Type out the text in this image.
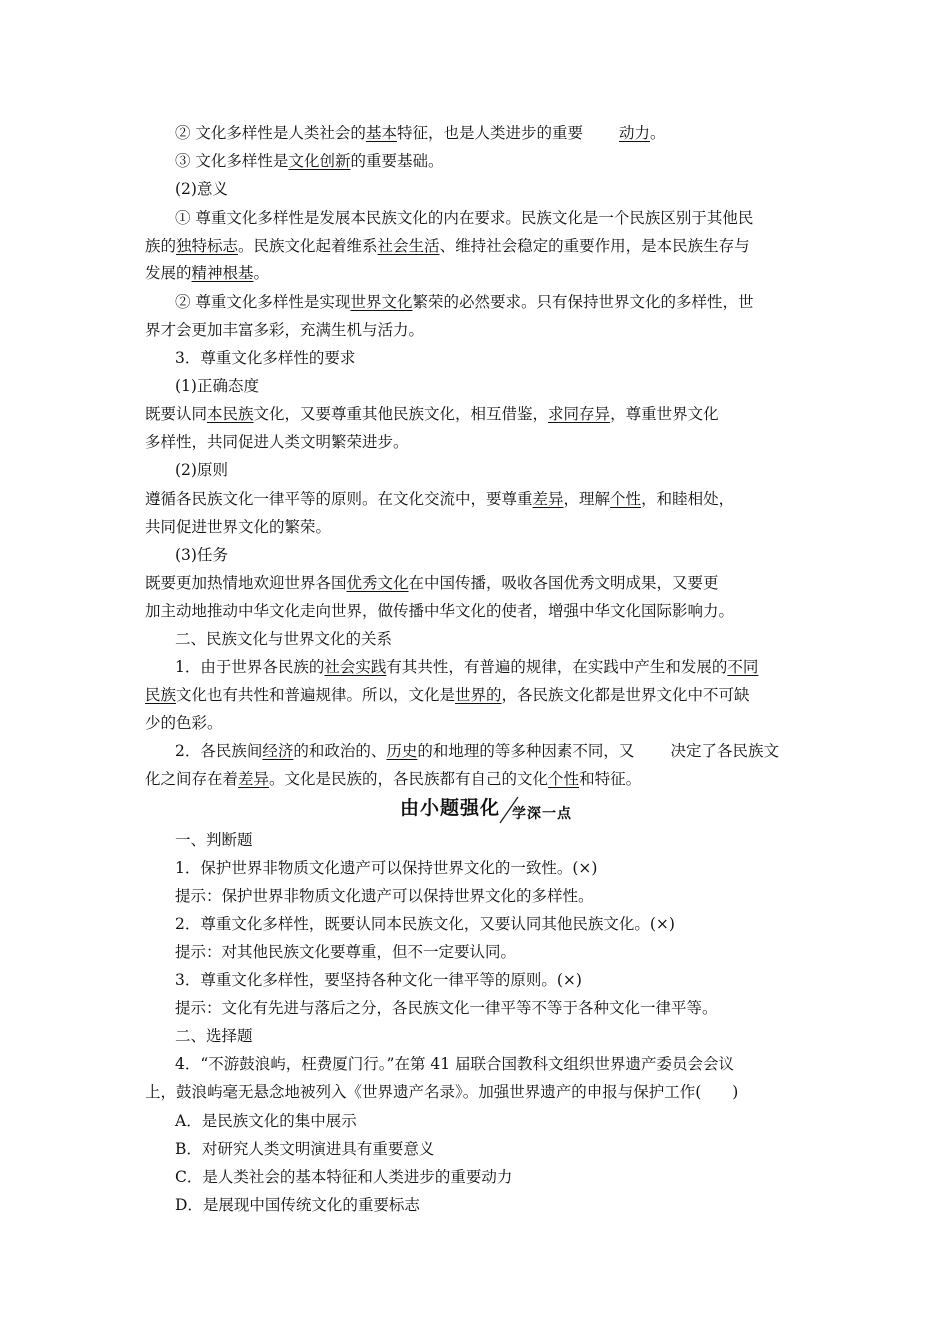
② 文化多样性是人类社会的基本特征，也是人类进步的重要 动力。
③ 文化多样性是文化创新的重要基础。
(2)意义
① 尊重文化多样性是发展本民族文化的内在要求。民族文化是一个民族区别于其他民
族的独特标志。民族文化起着维系社会生活、维持社会稳定的重要作用，是本民族生存与
发展的精神根基。
② 尊重文化多样性是实现世界文化繁荣的必然要求。只有保持世界文化的多样性，世
界才会更加丰富多彩，充满生机与活力。
3．尊重文化多样性的要求
(1)正确态度
既要认同本民族文化，又要尊重其他民族文化，相互借鉴，求同存异，尊重世界文化
多样性，共同促进人类文明繁荣进步。
(2)原则
遵循各民族文化一律平等的原则。在文化交流中，要尊重差异，理解个性，和睦相处，
共同促进世界文化的繁荣。
(3)任务
既要更加热情地欢迎世界各国优秀文化在中国传播，吸收各国优秀文明成果，又要更
加主动地推动中华文化走向世界，做传播中华文化的使者，增强中华文化国际影响力。
二、民族文化与世界文化的关系
1．由于世界各民族的社会实践有其共性，有普遍的规律，在实践中产生和发展的不同
民族文化也有共性和普遍规律。所以，文化是世界的，各民族文化都是世界文化中不可缺
少的色彩。
2．各民族间经济的和政治的、历史的和地理的等多种因素不同，又 决定了各民族文
化之间存在着差异。文化是民族的，各民族都有自己的文化个性和特征。
一、判断题
1．保护世界非物质文化遗产可以保持世界文化的一致性。(×)
提示：保护世界非物质文化遗产可以保持世界文化的多样性。
2．尊重文化多样性，既要认同本民族文化，又要认同其他民族文化。(×)
提示：对其他民族文化要尊重，但不一定要认同。
3．尊重文化多样性，要坚持各种文化一律平等的原则。(×)
提示：文化有先进与落后之分，各民族文化一律平等不等于各种文化一律平等。
二、选择题
4．“不游鼓浪屿，枉费厦门行。”在第 41 届联合国教科文组织世界遗产委员会会议
上，鼓浪屿毫无悬念地被列入《世界遗产名录》。加强世界遗产的申报与保护工作(　　)
A．是民族文化的集中展示
B．对研究人类文明演进具有重要意义
C．是人类社会的基本特征和人类进步的重要动力
D．是展现中国传统文化的重要标志
由小题强化 学深一点
